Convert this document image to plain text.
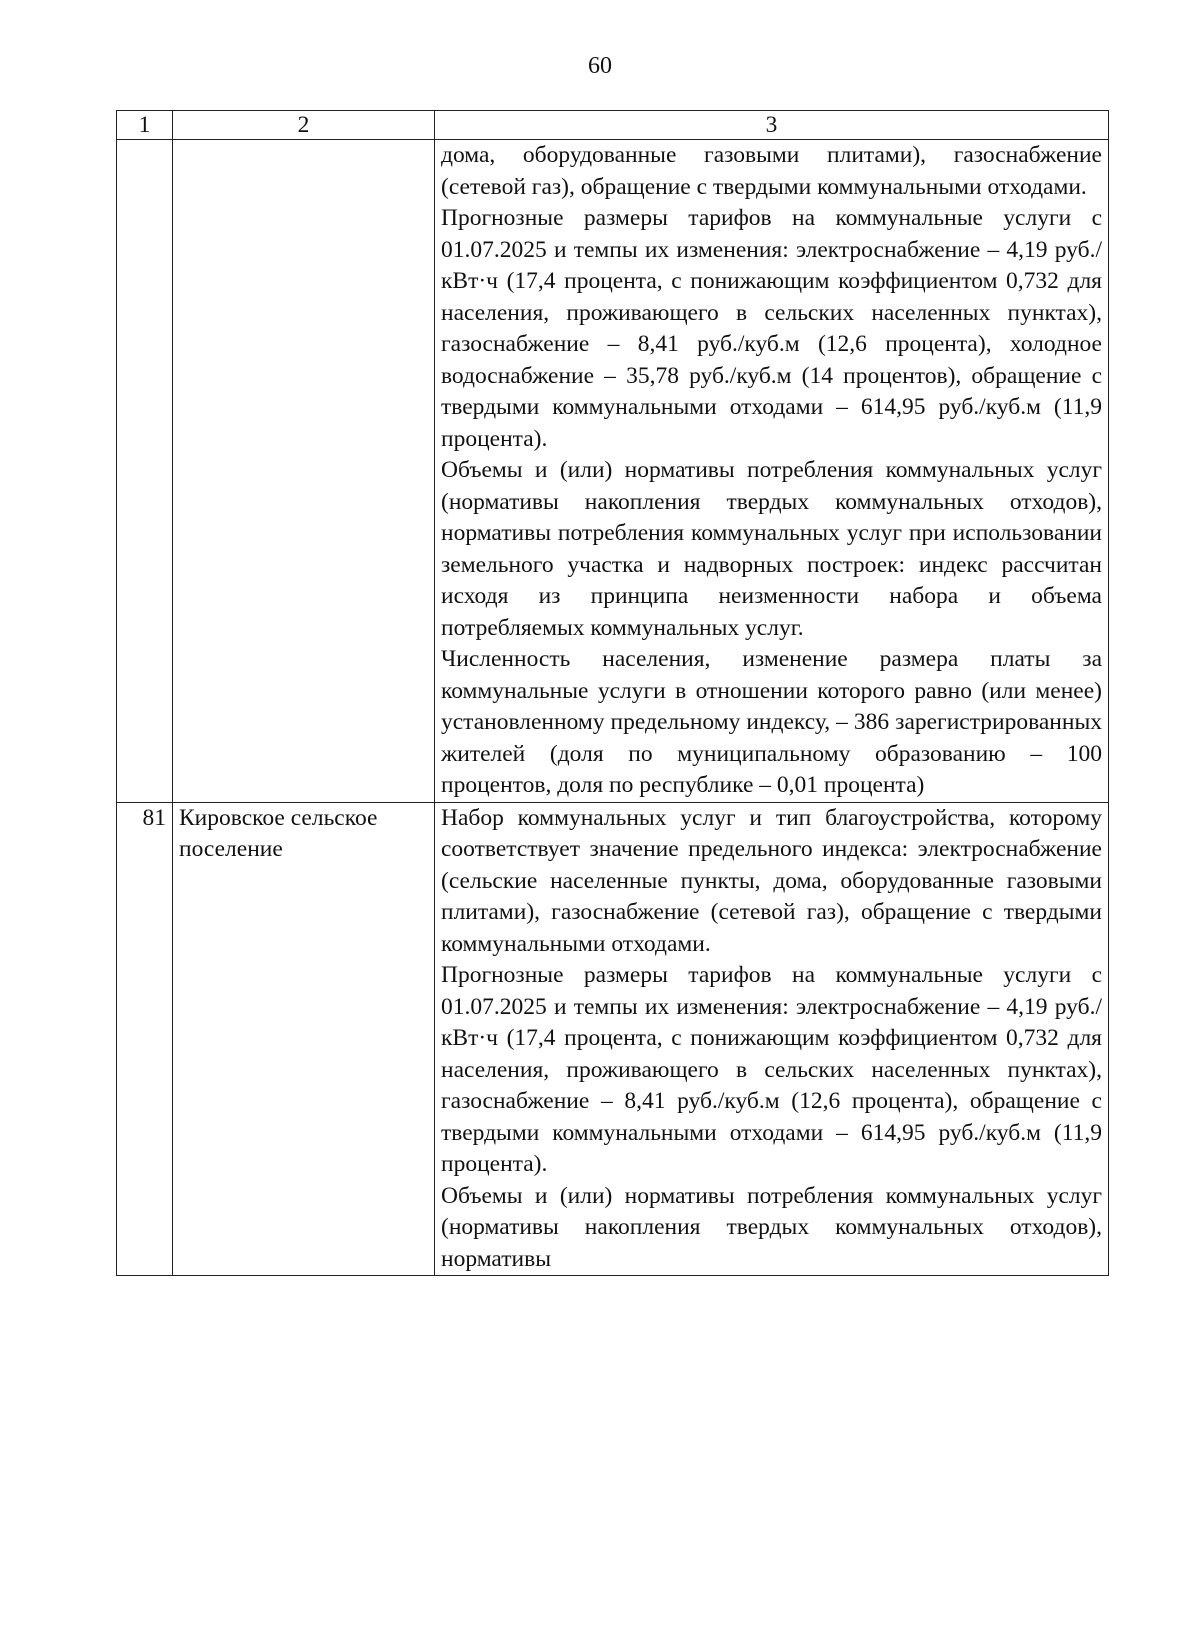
60
1	2	3

		дома, оборудованные газовыми плитами), газоснабжение (сетевой газ), обращение с твердыми коммунальными отходами.

Прогнозные размеры тарифов на коммунальные услуги с 01.07.2025 и темпы их изменения: электроснабжение – 4,19 руб./кВт·ч (17,4 процента, с понижающим коэффициентом 0,732 для населения, проживающего в сельских населенных пунктах), газоснабжение – 8,41 руб./куб.м (12,6 процента), холодное водоснабжение – 35,78 руб./куб.м (14 процентов), обращение с твердыми коммунальными отходами – 614,95 руб./куб.м (11,9 процента).

Объемы и (или) нормативы потребления коммунальных услуг (нормативы накопления твердых коммунальных отходов), нормативы потребления коммунальных услуг при использовании земельного участка и надворных построек: индекс рассчитан исходя из принципа неизменности набора и объема потребляемых коммунальных услуг.

Численность населения, изменение размера платы за коммунальные услуги в отношении которого равно (или менее) установленному предельному индексу, – 386 зарегистрированных жителей (доля по муниципальному образованию – 100 процентов, доля по республике – 0,01 процента)

81	Кировское сельское поселение	Набор коммунальных услуг и тип благоустройства, которому соответствует значение предельного индекса: электроснабжение (сельские населенные пункты, дома, оборудованные газовыми плитами), газоснабжение (сетевой газ), обращение с твердыми коммунальными отходами.

Прогнозные размеры тарифов на коммунальные услуги с 01.07.2025 и темпы их изменения: электроснабжение – 4,19 руб./кВт·ч (17,4 процента, с понижающим коэффициентом 0,732 для населения, проживающего в сельских населенных пунктах), газоснабжение – 8,41 руб./куб.м (12,6 процента), обращение с твердыми коммунальными отходами – 614,95 руб./куб.м (11,9 процента).

Объемы и (или) нормативы потребления коммунальных услуг (нормативы накопления твердых коммунальных отходов), нормативы
